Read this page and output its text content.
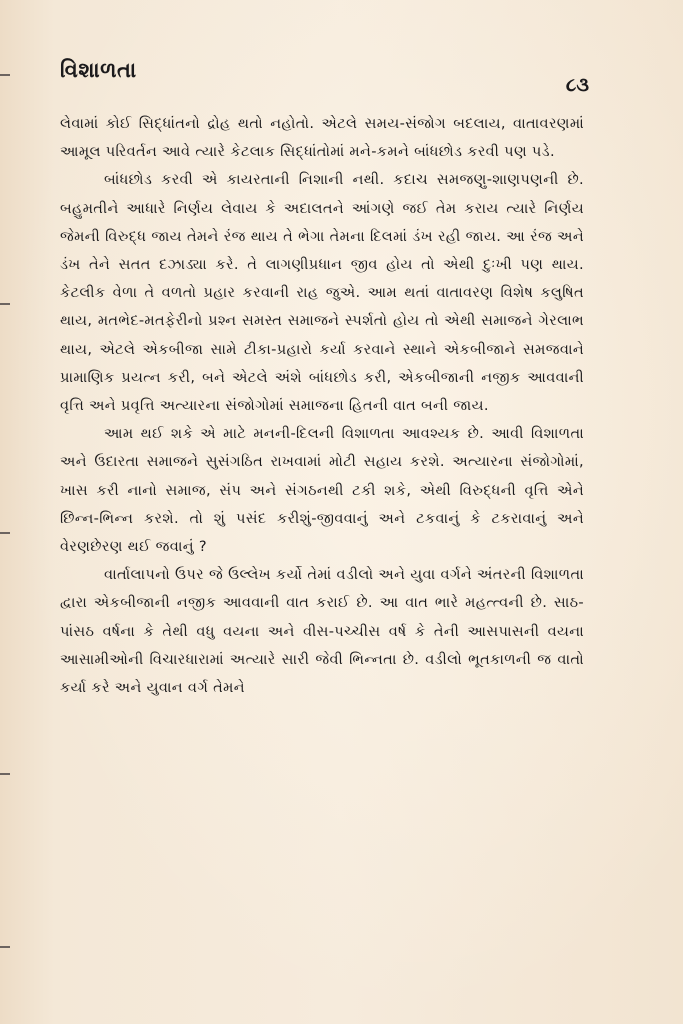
વિશાળતા
૮૩

લેવામાં કોઈ સિદ્ધાંતનો દ્રોહ થતો નહોતો. એટલે સમય-સંજોગ બદલાય, વાતાવરણમાં આમૂલ પરિવર્તન આવે ત્યારે કેટલાક સિદ્ધાંતોમાં મને-કમને બાંધછોડ કરવી પણ પડે.

બાંધછોડ કરવી એ કાયરતાની નિશાની નથી. કદાચ સમજણુ-શાણપણની છે. બહુમતીને આધારે નિર્ણય લેવાય કે અદાલતને આંગણે જઈ તેમ કરાય ત્યારે નિર્ણય જેમની વિરુદ્ધ જાય તેમને રંજ થાય તે ભેગા તેમના દિલમાં ડંખ રહી જાય. આ રંજ અને ડંખ તેને સતત દઝાડ્યા કરે. તે લાગણીપ્રધાન જીવ હોય તો એથી દુઃખી પણ થાય. કેટલીક વેળા તે વળતો પ્રહાર કરવાની રાહ જુએ. આમ થતાં વાતાવરણ વિશેષ કલુષિત થાય, મતભેદ-મતફેરીનો પ્રશ્ન સમસ્ત સમાજને સ્પર્શતો હોય તો એથી સમાજને ગેરલાભ થાય, એટલે એકબીજા સામે ટીકા-પ્રહારો કર્યા કરવાને સ્થાને એકબીજાને સમજવાને પ્રામાણિક પ્રયત્ન કરી, બને એટલે અંશે બાંધછોડ કરી, એકબીજાની નજીક આવવાની વૃત્તિ અને પ્રવૃત્તિ અત્યારના સંજોગોમાં સમાજના હિતની વાત બની જાય.

આમ થઈ શકે એ માટે મનની-દિલની વિશાળતા આવશ્યક છે. આવી વિશાળતા અને ઉદારતા સમાજને સુસંગઠિત રાખવામાં મોટી સહાય કરશે. અત્યારના સંજોગોમાં, ખાસ કરી નાનો સમાજ, સંપ અને સંગઠનથી ટકી શકે, એથી વિરુદ્ધની વૃત્તિ એને છિન્ન-ભિન્ન કરશે. તો શું પસંદ કરીશું-જીવવાનું અને ટકવાનું કે ટકરાવાનું અને વેરણછેરણ થઈ જવાનું ?

વાર્તાલાપનો ઉપર જે ઉલ્લેખ કર્યો તેમાં વડીલો અને યુવા વર્ગને અંતરની વિશાળતા દ્વારા એકબીજાની નજીક આવવાની વાત કરાઈ છે. આ વાત ભારે મહત્ત્વની છે. સાઠ-પાંસઠ વર્ષના કે તેથી વધુ વયના અને વીસ-પચ્ચીસ વર્ષ કે તેની આસપાસની વયના આસામીઓની વિચારધારામાં અત્યારે સારી જેવી ભિન્નતા છે. વડીલો ભૂતકાળની જ વાતો કર્યા કરે અને યુવાન વર્ગ તેમને
